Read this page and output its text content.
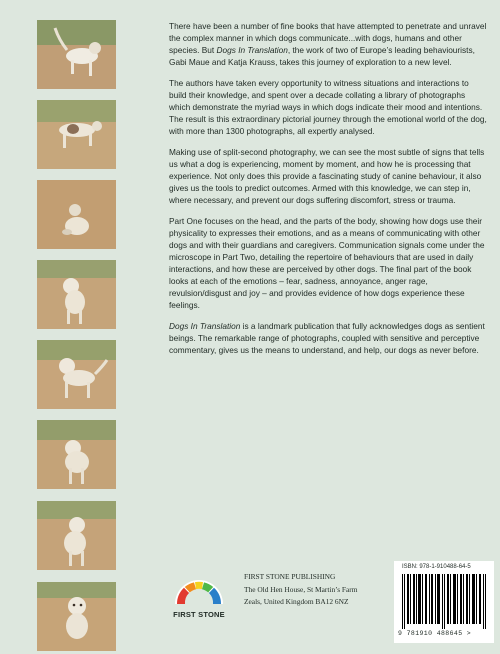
There have been a number of fine books that have attempted to penetrate and unravel the complex manner in which dogs communicate...with dogs, humans and other species. But Dogs In Translation, the work of two of Europe’s leading behaviourists, Gabi Maue and Katja Krauss, takes this journey of exploration to a new level.

The authors have taken every opportunity to witness situations and interactions to build their knowledge, and spent over a decade collating a library of photographs which demonstrate the myriad ways in which dogs indicate their mood and intentions. The result is this extraordinary pictorial journey through the emotional world of the dog, with more than 1300 photographs, all expertly analysed.

Making use of split-second photography, we can see the most subtle of signs that tells us what a dog is experiencing, moment by moment, and how he is processing that experience. Not only does this provide a fascinating study of canine behaviour, it also gives us the tools to predict outcomes. Armed with this knowledge, we can step in, where necessary, and prevent our dogs suffering discomfort, stress or trauma.

Part One focuses on the head, and the parts of the body, showing how dogs use their physicality to expresses their emotions, and as a means of communicating with other dogs and with their guardians and caregivers. Communication signals come under the microscope in Part Two, detailing the repertoire of behaviours that are used in daily interactions, and how these are perceived by other dogs. The final part of the book looks at each of the emotions – fear, sadness, annoyance, anger rage, revulsion/disgust and joy – and provides evidence of how dogs experience these feelings.

Dogs In Translation is a landmark publication that fully acknowledges dogs as sentient beings. The remarkable range of photographs, coupled with sensitive and perceptive commentary, gives us the means to understand, and help, our dogs as never before.

FIRST STONE
FIRST STONE PUBLISHING
The Old Hen House, St Martin’s Farm
Zeals, United Kingdom BA12 6NZ
ISBN: 978-1-910488-64-5
9 781910 488645 >
